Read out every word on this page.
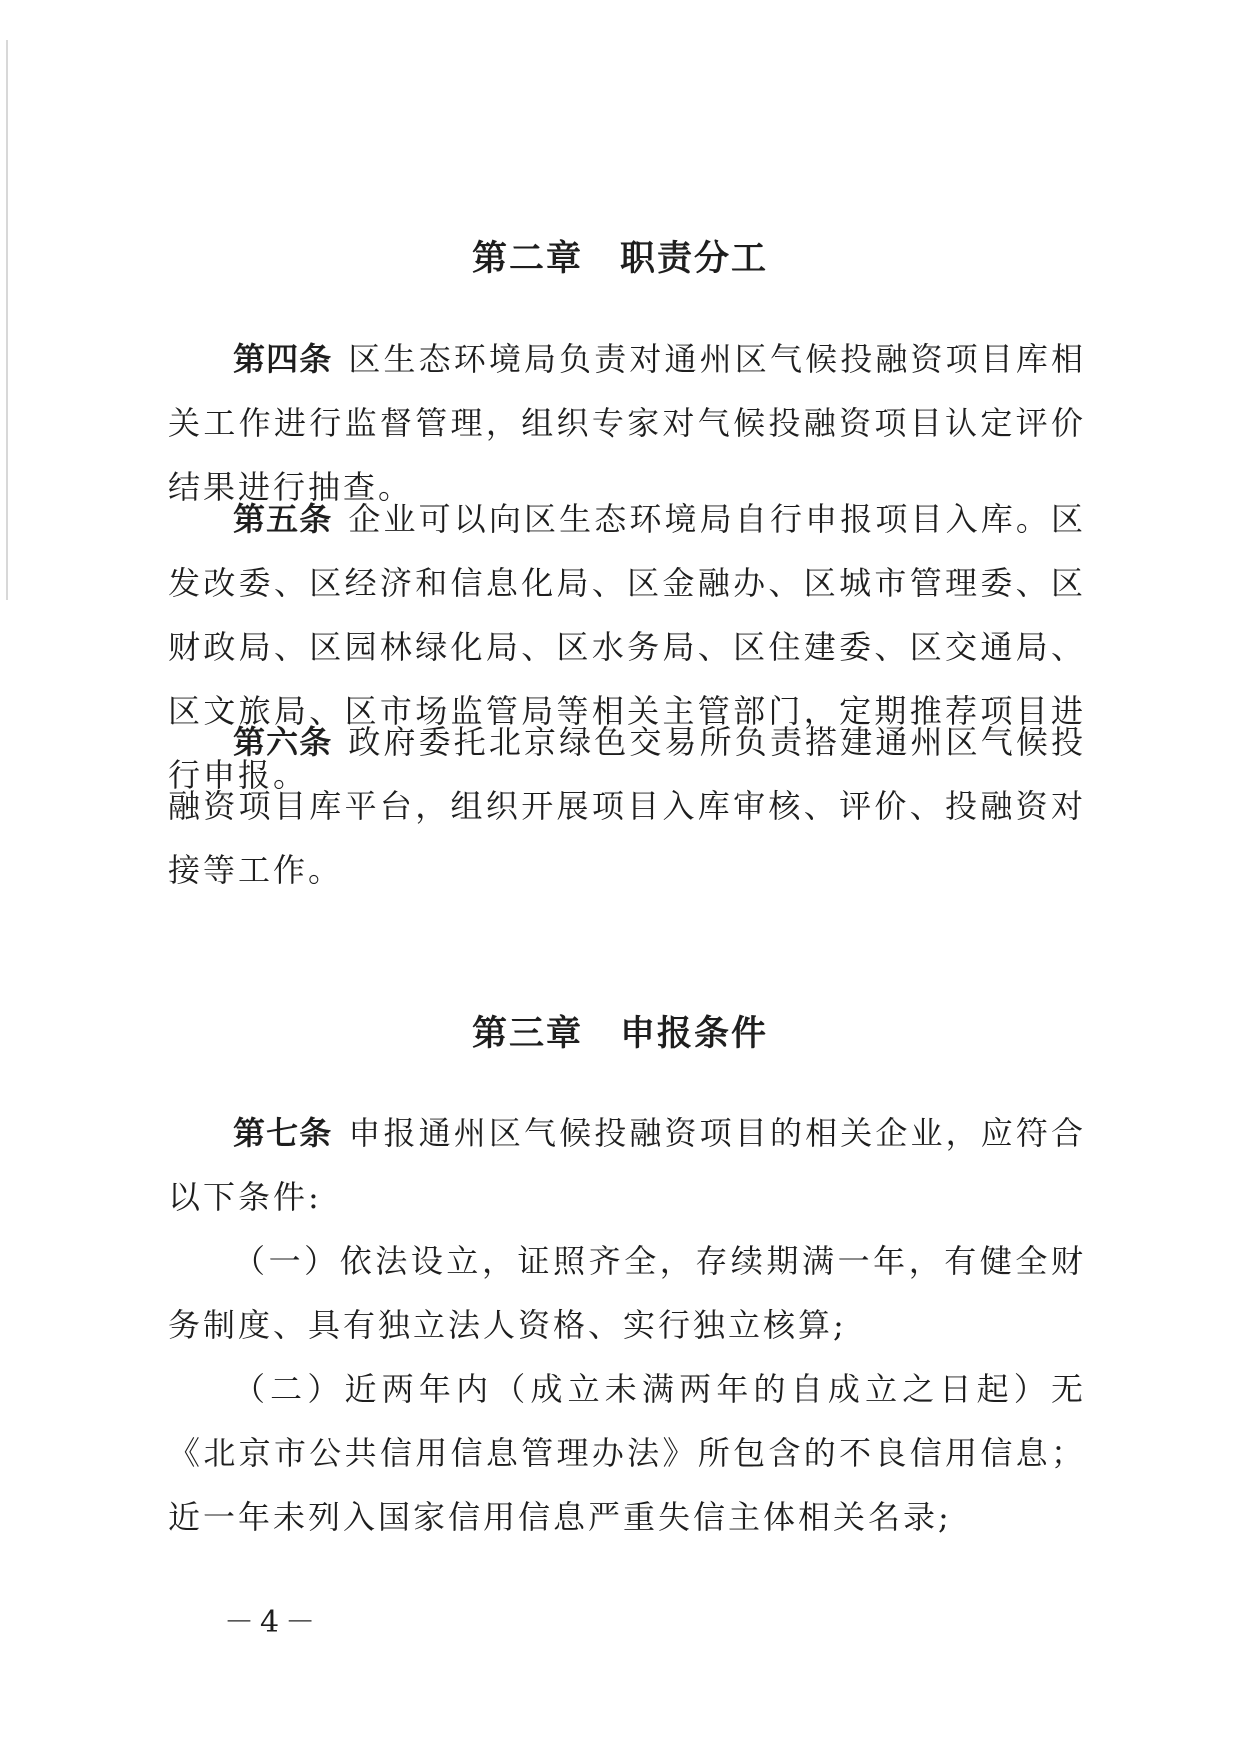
第二章　职责分工
第四条 区生态环境局负责对通州区气候投融资项目库相关工作进行监督管理，组织专家对气候投融资项目认定评价结果进行抽查。
第五条 企业可以向区生态环境局自行申报项目入库。区发改委、区经济和信息化局、区金融办、区城市管理委、区财政局、区园林绿化局、区水务局、区住建委、区交通局、区文旅局、区市场监管局等相关主管部门，定期推荐项目进行申报。
第六条 政府委托北京绿色交易所负责搭建通州区气候投融资项目库平台，组织开展项目入库审核、评价、投融资对接等工作。
第三章　申报条件
第七条 申报通州区气候投融资项目的相关企业，应符合以下条件:
（一）依法设立，证照齐全，存续期满一年，有健全财务制度、具有独立法人资格、实行独立核算;
（二）近两年内（成立未满两年的自成立之日起）无《北京市公共信用信息管理办法》所包含的不良信用信息；近一年未列入国家信用信息严重失信主体相关名录;
－4－
